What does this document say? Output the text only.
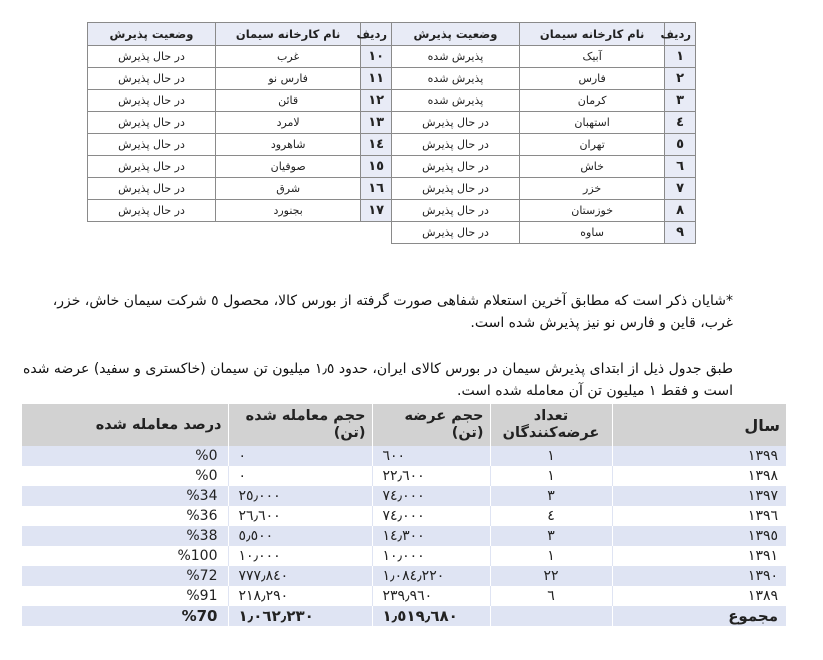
ردیف	نام کارخانه سیمان	وضعیت پذیرش	ردیف	نام کارخانه سیمان	وضعیت پذیرش
۱	آبیک	پذیرش شده	۱۰	غرب	در حال پذیرش
۲	فارس	پذیرش شده	۱۱	فارس نو	در حال پذیرش
۳	کرمان	پذیرش شده	۱۲	قائن	در حال پذیرش
٤	استهبان	در حال پذیرش	۱۳	لامرد	در حال پذیرش
٥	تهران	در حال پذیرش	١٤	شاهرود	در حال پذیرش
٦	خاش	در حال پذیرش	١٥	صوفیان	در حال پذیرش
۷	خزر	در حال پذیرش	١٦	شرق	در حال پذیرش
۸	خوزستان	در حال پذیرش	۱۷	بجنورد	در حال پذیرش
۹	ساوه	در حال پذیرش			

*شایان ذکر است که مطابق آخرین استعلام شفاهی صورت گرفته از بورس کالا، محصول ٥ شرکت سیمان خاش، خزر، غرب، قاین و فارس نو نیز پذیرش شده است.

طبق جدول ذیل از ابتدای پذیرش سیمان در بورس کالای ایران، حدود ۱٫٥ میلیون تن سیمان (خاکستری و سفید) عرضه شده است و فقط ۱ میلیون تن آن معامله شده است.

سال	تعداد عرضه‌کنندگان	حجم عرضه (تن)	حجم معامله شده (تن)	درصد معامله شده
۱۳۹۹	۱	٦۰۰	۰	%0
۱۳۹۸	۱	۲۲٫٦۰۰	۰	%0
۱۳۹۷	۳	۷٤٫۰۰۰	۲٥٫۰۰۰	%34
۱۳۹٦	٤	۷٤٫۰۰۰	۲٦٫٦۰۰	%36
۱۳۹٥	۳	١٤٫۳۰۰	٥٫٥۰۰	%38
۱۳۹۱	۱	۱۰٫۰۰۰	۱۰٫۰۰۰	%100
۱۳۹۰	۲۲	۱٫۰۸٤٫۲۲۰	۷۷۷٫۸٤۰	%72
۱۳۸۹	٦	۲۳۹٫۹٦۰	۲۱۸٫۲۹۰	%91
مجموع		۱٫٥۱۹٫٦۸۰	۱٫۰٦۲٫۲۳۰	%70
